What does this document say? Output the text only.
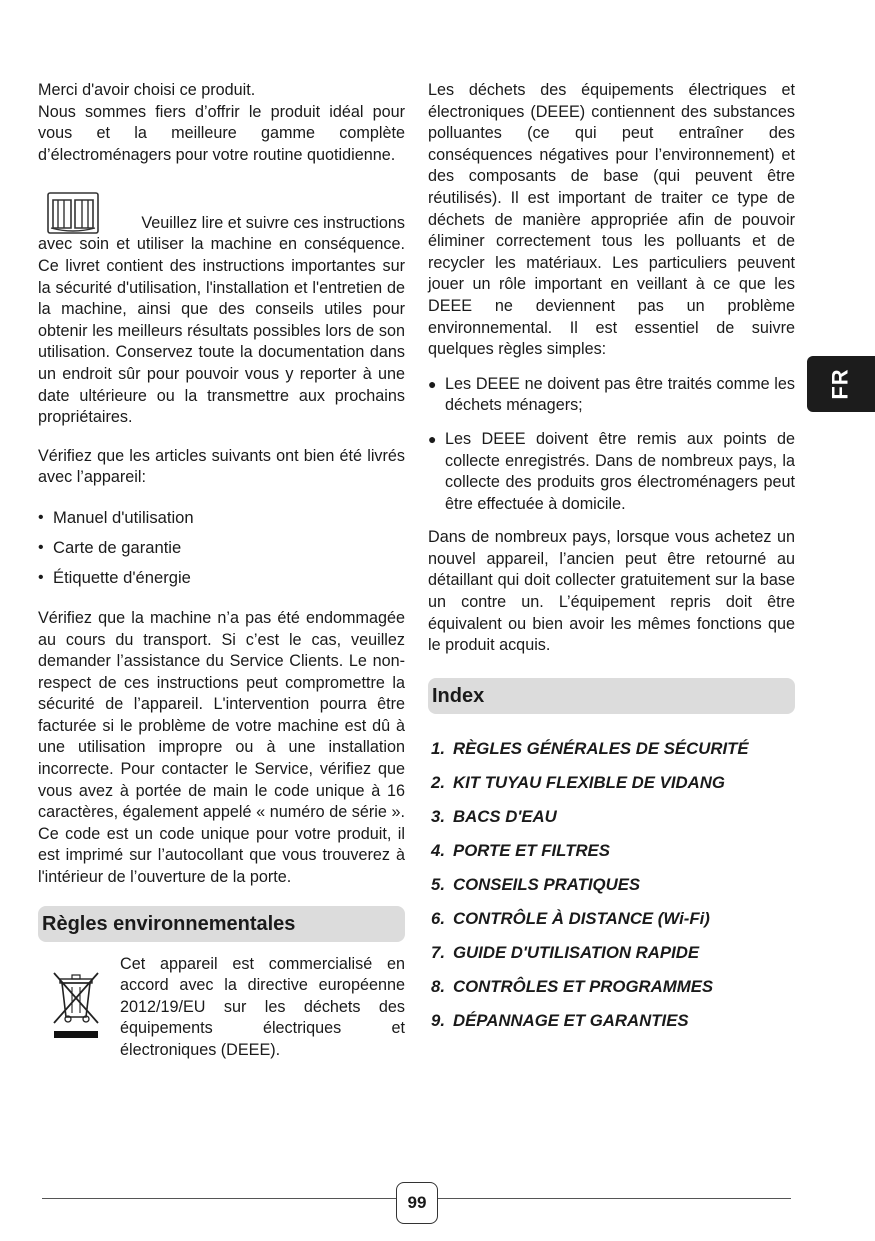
Merci d'avoir choisi ce produit.

Nous sommes fiers d’offrir le produit idéal pour vous et la meilleure gamme complète d’électroménagers pour votre routine quotidienne.

Veuillez lire et suivre ces instructions

avec soin et utiliser la machine en conséquence. Ce livret contient des instructions importantes sur la sécurité d'utilisation, l'installation et l'entretien de la machine, ainsi que des conseils utiles pour obtenir les meilleurs résultats possibles lors de son utilisation. Conservez toute la documentation dans un endroit sûr pour pouvoir vous y reporter à une date ultérieure ou la transmettre aux prochains propriétaires.

Vérifiez que les articles suivants ont bien été livrés avec l’appareil:

• Manuel d'utilisation
• Carte de garantie
• Étiquette d'énergie

Vérifiez que la machine n’a pas été endommagée au cours du transport. Si c’est le cas, veuillez demander l’assistance du Service Clients. Le non-respect de ces instructions peut compromettre la sécurité de l’appareil. L'intervention pourra être facturée si le problème de votre machine est dû à une utilisation impropre ou à une installation incorrecte. Pour contacter le Service, vérifiez que vous avez à portée de main le code unique à 16 caractères, également appelé « numéro de série ». Ce code est un code unique pour votre produit, il est imprimé sur l’autocollant que vous trouverez à l'intérieur de l’ouverture de la porte.

Règles environnementales

Cet appareil est commercialisé en accord avec la directive européenne 2012/19/EU sur les déchets des équipements électriques et électroniques (DEEE).

Les déchets des équipements électriques et électroniques (DEEE) contiennent des substances polluantes (ce qui peut entraîner des conséquences négatives pour l’environnement) et des composants de base (qui peuvent être réutilisés). Il est important de traiter ce type de déchets de manière appropriée afin de pouvoir éliminer correctement tous les polluants et de recycler les matériaux. Les particuliers peuvent jouer un rôle important en veillant à ce que les DEEE ne deviennent pas un problème environnemental. Il est essentiel de suivre quelques règles simples:

● Les DEEE ne doivent pas être traités comme les déchets ménagers;

● Les DEEE doivent être remis aux points de collecte enregistrés. Dans de nombreux pays, la collecte des produits gros électroménagers peut être effectuée à domicile.

Dans de nombreux pays, lorsque vous achetez un nouvel appareil, l’ancien peut être retourné au détaillant qui doit collecter gratuitement sur la base un contre un. L’équipement repris doit être équivalent ou bien avoir les mêmes fonctions que le produit acquis.

Index
1. RÈGLES GÉNÉRALES DE SÉCURITÉ
2. KIT TUYAU FLEXIBLE DE VIDANG
3. BACS D'EAU
4. PORTE ET FILTRES
5. CONSEILS PRATIQUES
6. CONTRÔLE À DISTANCE (Wi-Fi)
7. GUIDE D'UTILISATION RAPIDE
8. CONTRÔLES ET PROGRAMMES
9. DÉPANNAGE ET GARANTIES
FR
99
